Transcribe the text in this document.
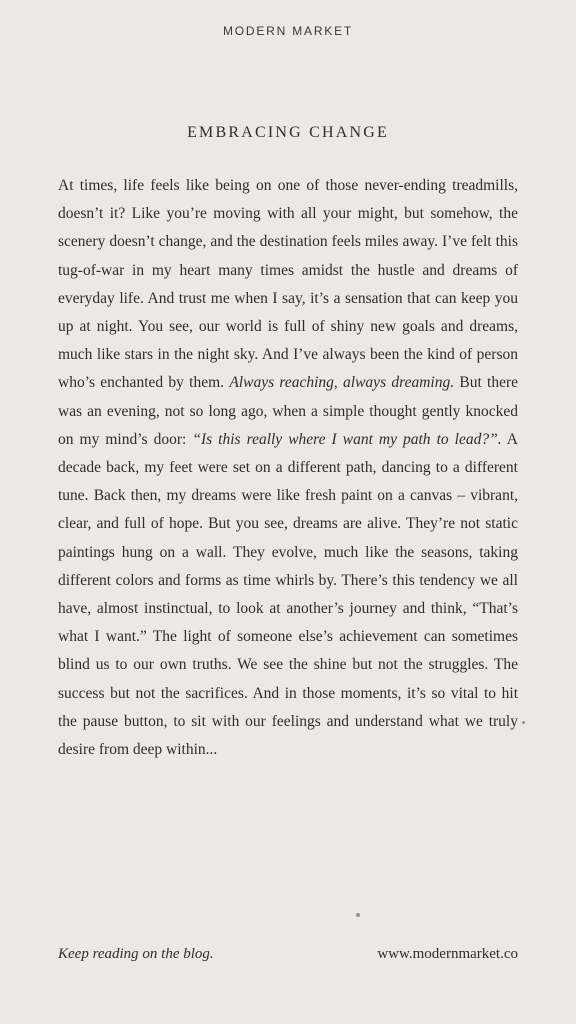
MODERN MARKET
EMBRACING CHANGE
At times, life feels like being on one of those never-ending treadmills, doesn’t it? Like you’re moving with all your might, but somehow, the scenery doesn’t change, and the destination feels miles away. I’ve felt this tug-of-war in my heart many times amidst the hustle and dreams of everyday life. And trust me when I say, it’s a sensation that can keep you up at night. You see, our world is full of shiny new goals and dreams, much like stars in the night sky. And I’ve always been the kind of person who’s enchanted by them. Always reaching, always dreaming. But there was an evening, not so long ago, when a simple thought gently knocked on my mind’s door: “Is this really where I want my path to lead?”. A decade back, my feet were set on a different path, dancing to a different tune. Back then, my dreams were like fresh paint on a canvas – vibrant, clear, and full of hope. But you see, dreams are alive. They’re not static paintings hung on a wall. They evolve, much like the seasons, taking different colors and forms as time whirls by. There’s this tendency we all have, almost instinctual, to look at another’s journey and think, “That’s what I want.” The light of someone else’s achievement can sometimes blind us to our own truths. We see the shine but not the struggles. The success but not the sacrifices. And in those moments, it’s so vital to hit the pause button, to sit with our feelings and understand what we truly desire from deep within...
Keep reading on the blog.	www.modernmarket.co
